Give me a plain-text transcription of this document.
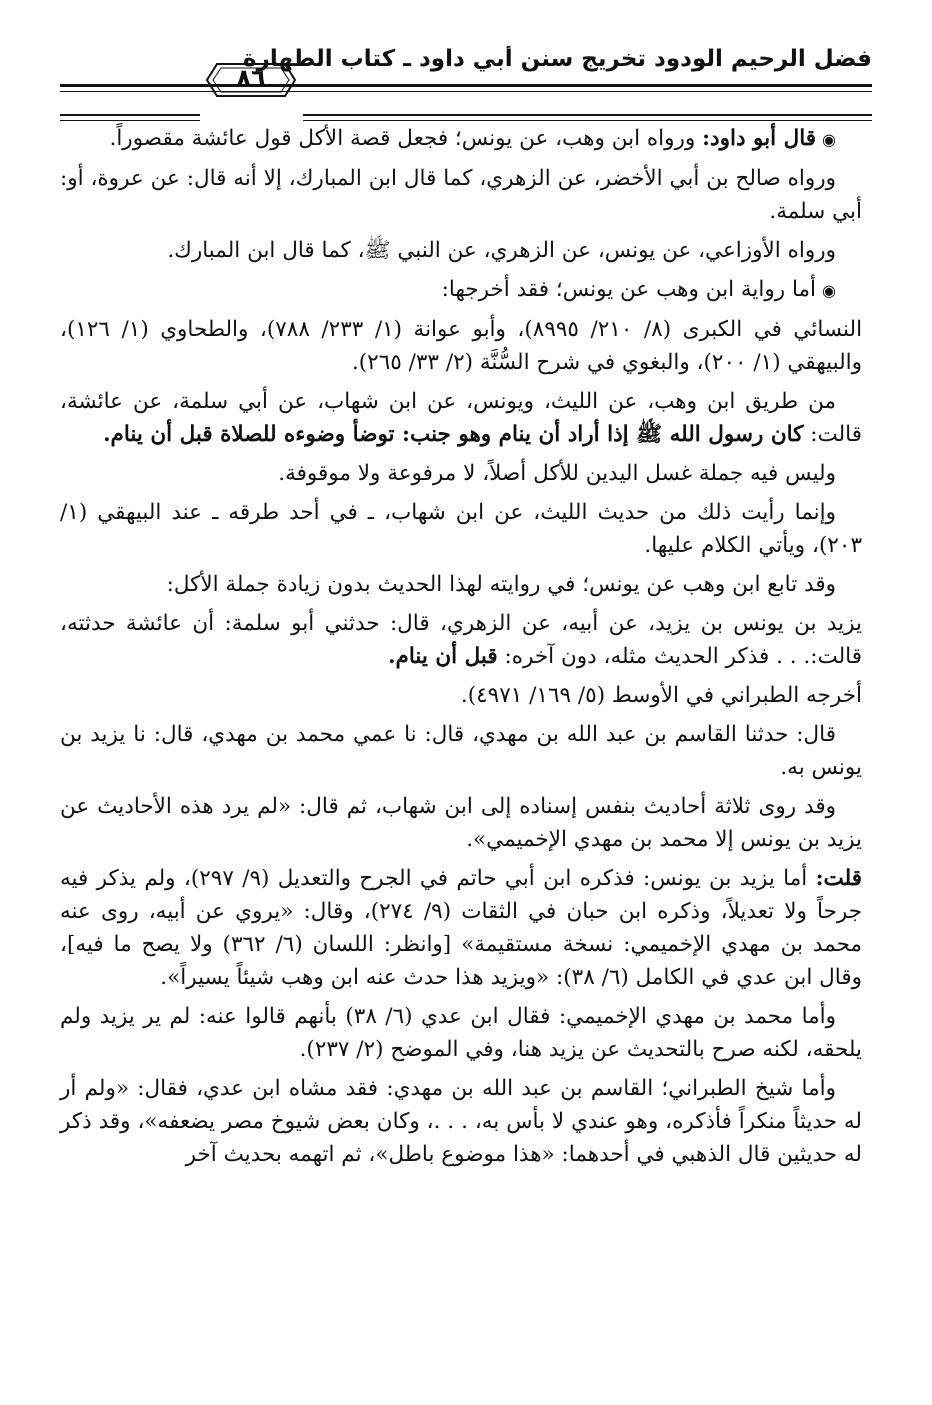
فضل الرحيم الودود تخريج سنن أبي داود ـ كتاب الطهارة
٨٦

◉قال أبو داود: ورواه ابن وهب، عن يونس؛ فجعل قصة الأكل قول عائشة مقصوراً.

ورواه صالح بن أبي الأخضر، عن الزهري، كما قال ابن المبارك، إلا أنه قال: عن عروة، أو: أبي سلمة.

ورواه الأوزاعي، عن يونس، عن الزهري، عن النبي ﷺ، كما قال ابن المبارك.

◉أما رواية ابن وهب عن يونس؛ فقد أخرجها:

النسائي في الكبرى (٨/ ٢١٠/ ٨٩٩٥)، وأبو عوانة (١/ ٢٣٣/ ٧٨٨)، والطحاوي (١/ ١٢٦)، والبيهقي (١/ ٢٠٠)، والبغوي في شرح السُّنَّة (٢/ ٣٣/ ٢٦٥).

من طريق ابن وهب، عن الليث، ويونس، عن ابن شهاب، عن أبي سلمة، عن عائشة، قالت: كان رسول الله ﷺ إذا أراد أن ينام وهو جنب: توضأ وضوءه للصلاة قبل أن ينام.

وليس فيه جملة غسل اليدين للأكل أصلاً، لا مرفوعة ولا موقوفة.

وإنما رأيت ذلك من حديث الليث، عن ابن شهاب، ـ في أحد طرقه ـ عند البيهقي (١/ ٢٠٣)، ويأتي الكلام عليها.

وقد تابع ابن وهب عن يونس؛ في روايته لهذا الحديث بدون زيادة جملة الأكل:

يزيد بن يونس بن يزيد، عن أبيه، عن الزهري، قال: حدثني أبو سلمة: أن عائشة حدثته، قالت:. . . فذكر الحديث مثله، دون آخره: قبل أن ينام.

أخرجه الطبراني في الأوسط (٥/ ١٦٩/ ٤٩٧١).

قال: حدثنا القاسم بن عبد الله بن مهدي، قال: نا عمي محمد بن مهدي، قال: نا يزيد بن يونس به.

وقد روى ثلاثة أحاديث بنفس إسناده إلى ابن شهاب، ثم قال: «لم يرد هذه الأحاديث عن يزيد بن يونس إلا محمد بن مهدي الإخميمي».

قلت: أما يزيد بن يونس: فذكره ابن أبي حاتم في الجرح والتعديل (٩/ ٢٩٧)، ولم يذكر فيه جرحاً ولا تعديلاً، وذكره ابن حبان في الثقات (٩/ ٢٧٤)، وقال: «يروي عن أبيه، روى عنه محمد بن مهدي الإخميمي: نسخة مستقيمة» [وانظر: اللسان (٦/ ٣٦٢) ولا يصح ما فيه]، وقال ابن عدي في الكامل (٦/ ٣٨): «ويزيد هذا حدث عنه ابن وهب شيئاً يسيراً».

وأما محمد بن مهدي الإخميمي: فقال ابن عدي (٦/ ٣٨) بأنهم قالوا عنه: لم ير يزيد ولم يلحقه، لكنه صرح بالتحديث عن يزيد هنا، وفي الموضح (٢/ ٢٣٧).

وأما شيخ الطبراني؛ القاسم بن عبد الله بن مهدي: فقد مشاه ابن عدي، فقال: «ولم أر له حديثاً منكراً فأذكره، وهو عندي لا بأس به، . . .، وكان بعض شيوخ مصر يضعفه»، وقد ذكر له حديثين قال الذهبي في أحدهما: «هذا موضوع باطل»، ثم اتهمه بحديث آخر
